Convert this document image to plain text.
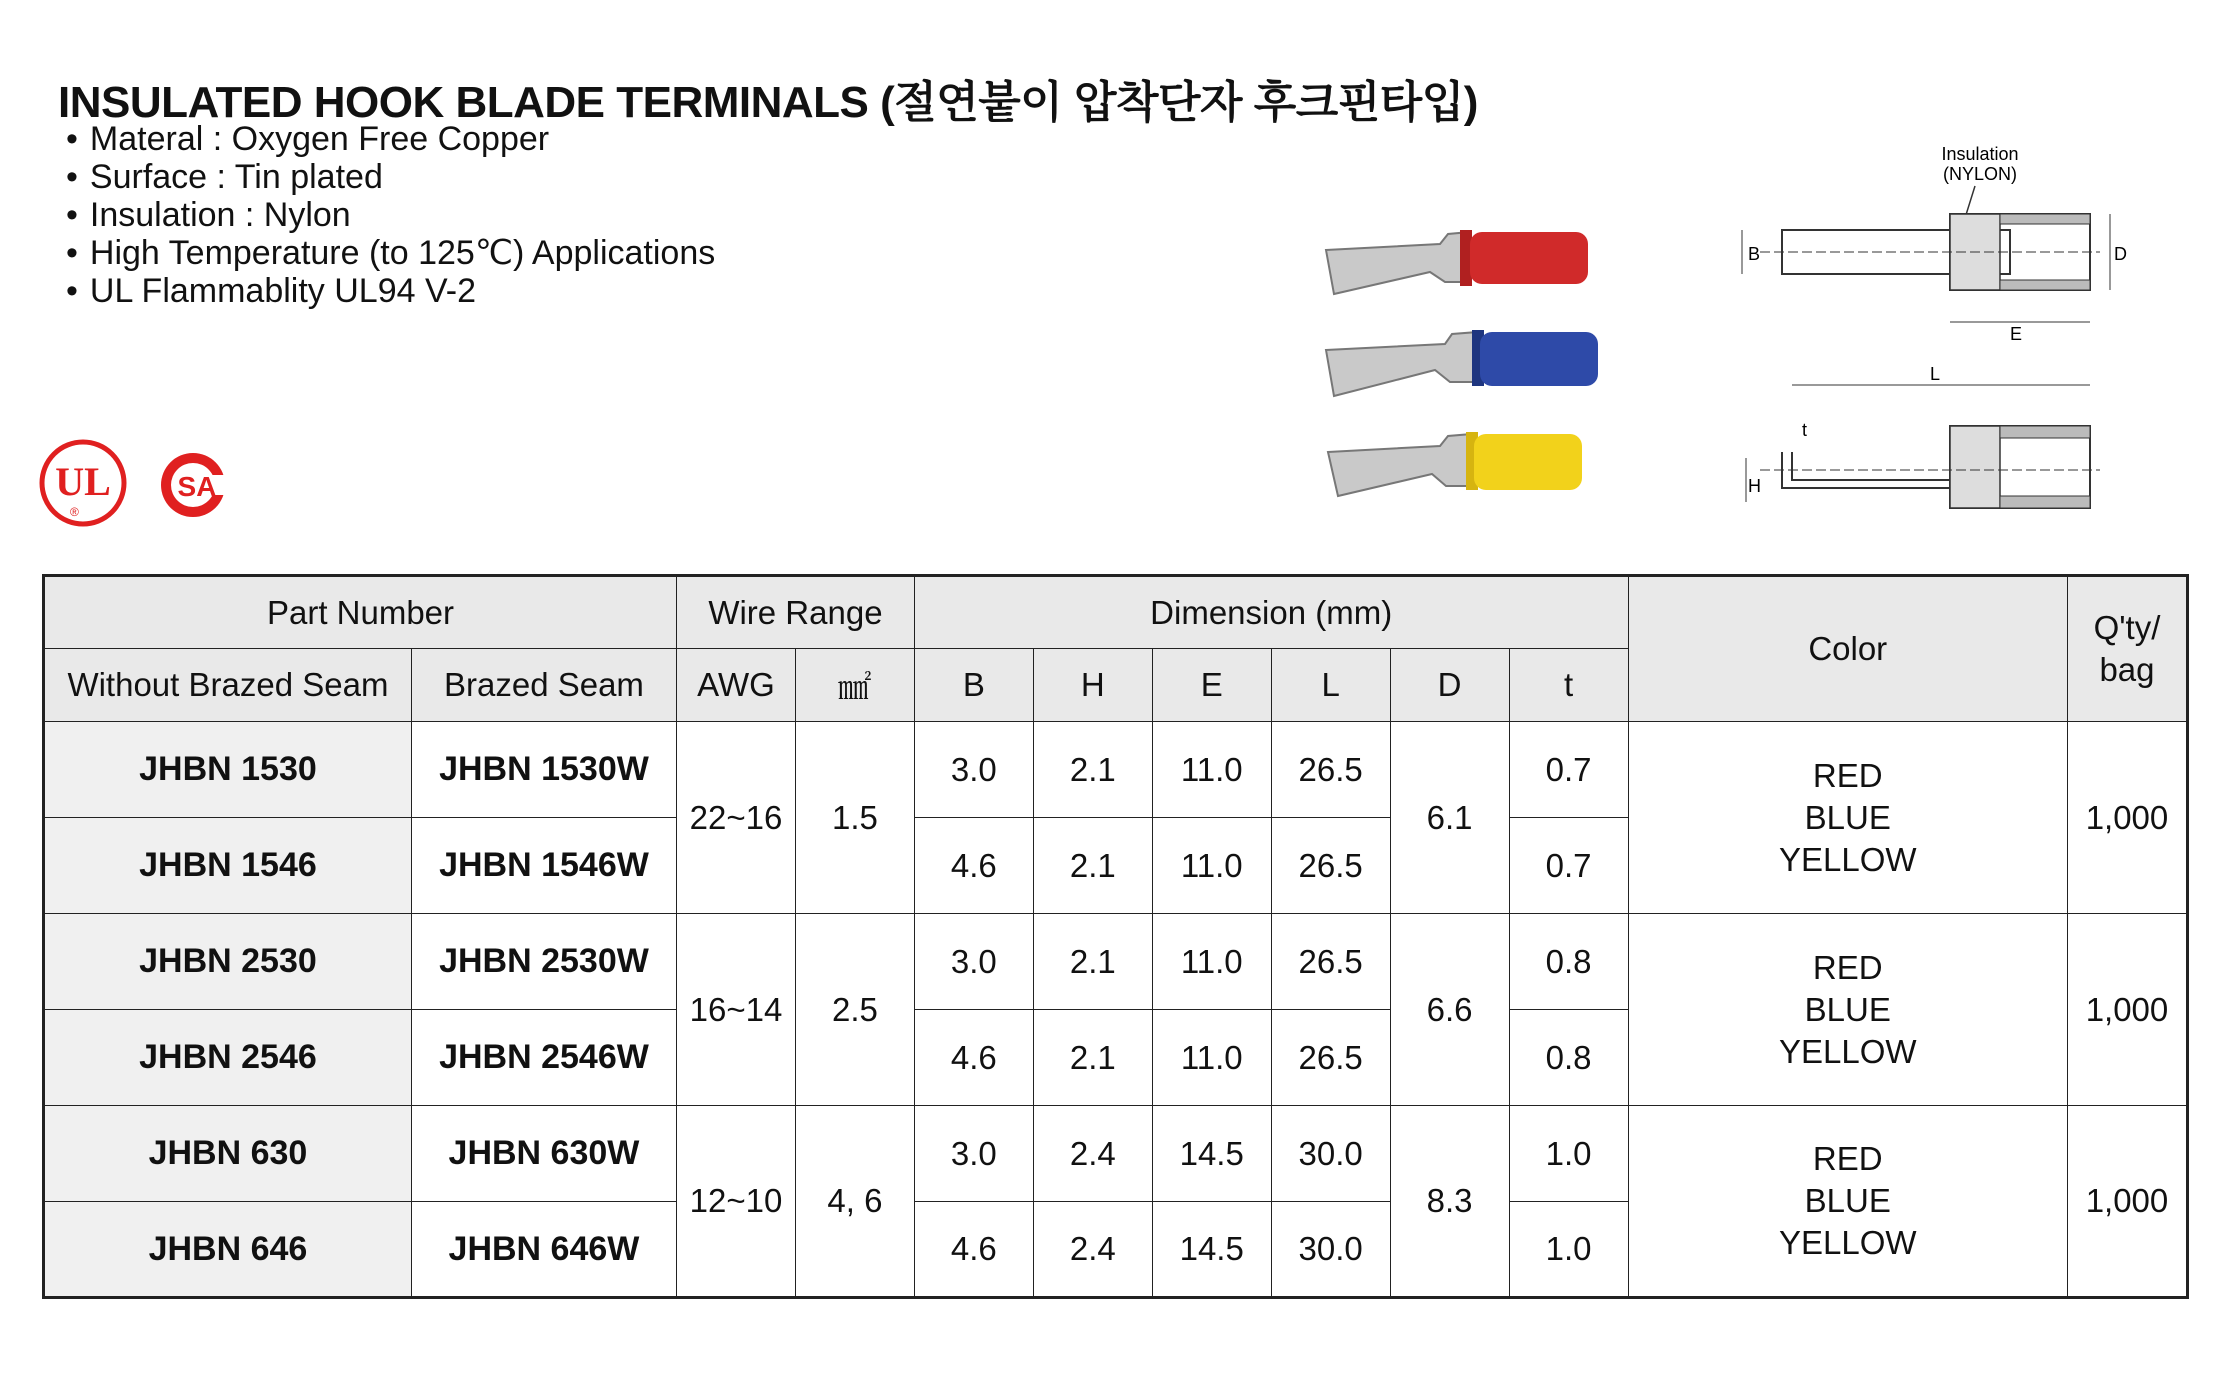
INSULATED HOOK BLADE TERMINALS (절연붙이 압착단자 후크핀타입)
• Materal : Oxygen Free Copper
• Surface : Tin plated
• Insulation : Nylon
• High Temperature (to 125℃) Applications
• UL Flammablity UL94 V-2
UL
®
SA
Insulation
(NYLON)
B	D
E
L
t
H
Part Number		Wire Range		Dimension (mm)						Color	Q'ty/
bag

Without Brazed Seam	Brazed Seam	AWG	㎟	B	H	E	L	D	t		
JHBN 1530	JHBN 1530W	22~16	1.5	3.0	2.1	11.0	26.5	6.1	0.7	RED
BLUE
YELLOW	1,000
JHBN 1546	JHBN 1546W			4.6	2.1	11.0	26.5		0.7		
JHBN 2530	JHBN 2530W	16~14	2.5	3.0	2.1	11.0	26.5	6.6	0.8	RED
BLUE
YELLOW	1,000
JHBN 2546	JHBN 2546W			4.6	2.1	11.0	26.5		0.8		
JHBN 630	JHBN 630W	12~10	4, 6	3.0	2.4	14.5	30.0	8.3	1.0	RED
BLUE
YELLOW	1,000
JHBN 646	JHBN 646W			4.6	2.4	14.5	30.0		1.0		
